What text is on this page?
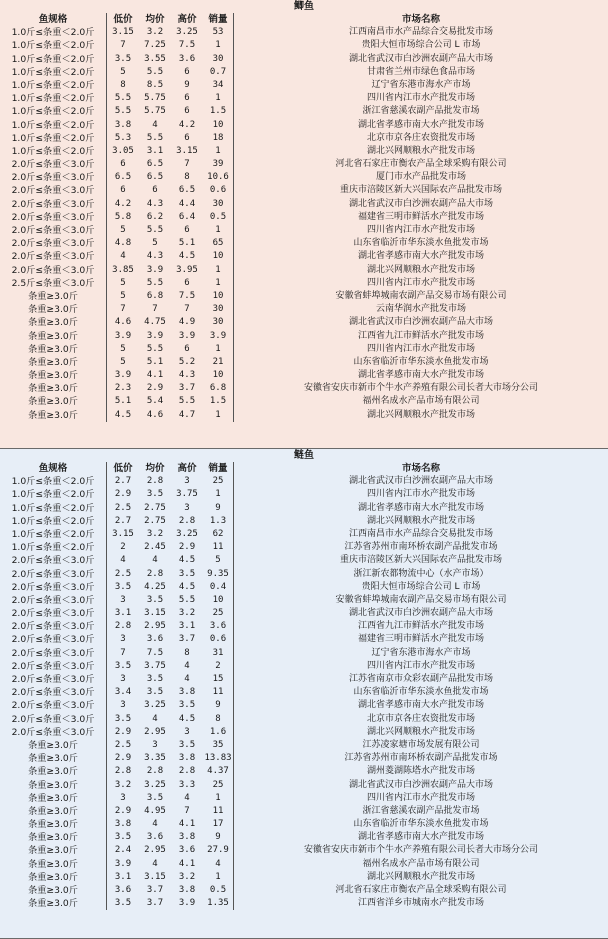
鲫鱼
鱼规格	低价	均价	高价	销量	市场名称
1.0斤≤条重＜2.0斤	3.15	3.2	3.25	53	江西南昌市水产品综合交易批发市场
1.0斤≤条重＜2.0斤	7	7.25	7.5	1	贵阳大恒市场综合公司 L 市场
1.0斤≤条重＜2.0斤	3.5	3.55	3.6	30	湖北省武汉市白沙洲农副产品大市场
1.0斤≤条重＜2.0斤	5	5.5	6	0.7	甘肃省兰州市绿色食品市场
1.0斤≤条重＜2.0斤	8	8.5	9	34	辽宁省东港市海水产市场
1.0斤≤条重＜2.0斤	5.5	5.75	6	1	四川省内江市水产批发市场
1.0斤≤条重＜2.0斤	5.5	5.75	6	1.5	浙江省慈溪农副产品批发市场
1.0斤≤条重＜2.0斤	3.8	4	4.2	10	湖北省孝感市南大水产批发市场
1.0斤≤条重＜2.0斤	5.3	5.5	6	18	北京市京各庄农资批发市场
1.0斤≤条重＜2.0斤	3.05	3.1	3.15	1	湖北兴网顺粮水产批发市场
2.0斤≤条重＜3.0斤	6	6.5	7	39	河北省石家庄市衡农产品全球采购有限公司
2.0斤≤条重＜3.0斤	6.5	6.5	8	10.6	厦门市水产品批发市场
2.0斤≤条重＜3.0斤	6	6	6.5	0.6	重庆市涪陵区新大兴国际农产品批发市场
2.0斤≤条重＜3.0斤	4.2	4.3	4.4	30	湖北省武汉市白沙洲农副产品大市场
2.0斤≤条重＜3.0斤	5.8	6.2	6.4	0.5	福建省三明市鲜活水产批发市场
2.0斤≤条重＜3.0斤	5	5.5	6	1	四川省内江市水产批发市场
2.0斤≤条重＜3.0斤	4.8	5	5.1	65	山东省临沂市华东淡水鱼批发市场
2.0斤≤条重＜3.0斤	4	4.3	4.5	10	湖北省孝感市南大水产批发市场
2.0斤≤条重＜3.0斤	3.85	3.9	3.95	1	湖北兴网顺粮水产批发市场
2.5斤≤条重＜3.0斤	5	5.5	6	1	四川省内江市水产批发市场
条重≥3.0斤	5	6.8	7.5	10	安徽省蚌埠城南农副产品交易市场有限公司
条重≥3.0斤	7	7	7	30	云南华润水产批发市场
条重≥3.0斤	4.6	4.75	4.9	30	湖北省武汉市白沙洲农副产品大市场
条重≥3.0斤	3.9	3.9	3.9	3.9	江西省九江市鲜活水产批发市场
条重≥3.0斤	5	5.5	6	1	四川省内江市水产批发市场
条重≥3.0斤	5	5.1	5.2	21	山东省临沂市华东淡水鱼批发市场
条重≥3.0斤	3.9	4.1	4.3	10	湖北省孝感市南大水产批发市场
条重≥3.0斤	2.3	2.9	3.7	6.8	安徽省安庆市新市个牛水产养殖有限公司长者大市场分公司
条重≥3.0斤	5.1	5.4	5.5	1.5	福州名成水产品市场有限公司
条重≥3.0斤	4.5	4.6	4.7	1	湖北兴网顺粮水产批发市场
鲢鱼
鱼规格	低价	均价	高价	销量	市场名称
1.0斤≤条重＜2.0斤	2.7	2.8	3	25	湖北省武汉市白沙洲农副产品大市场
1.0斤≤条重＜2.0斤	2.9	3.5	3.75	1	四川省内江市水产批发市场
1.0斤≤条重＜2.0斤	2.5	2.75	3	9	湖北省孝感市南大水产批发市场
1.0斤≤条重＜2.0斤	2.7	2.75	2.8	1.3	湖北兴网顺粮水产批发市场
1.0斤≤条重＜2.0斤	3.15	3.2	3.25	62	江西南昌市水产品综合交易批发市场
1.0斤≤条重＜2.0斤	2	2.45	2.9	11	江苏省苏州市南环桥农副产品批发市场
2.0斤≤条重＜3.0斤	4	4	4.5	5	重庆市涪陵区新大兴国际农产品批发市场
2.0斤≤条重＜3.0斤	2.5	2.8	3.5	9.35	浙江新农都物流中心（水产市场）
2.0斤≤条重＜3.0斤	3.5	4.25	4.5	0.4	贵阳大恒市场综合公司 L 市场
2.0斤≤条重＜3.0斤	3	3.5	5.5	10	安徽省蚌埠城南农副产品交易市场有限公司
2.0斤≤条重＜3.0斤	3.1	3.15	3.2	25	湖北省武汉市白沙洲农副产品大市场
2.0斤≤条重＜3.0斤	2.8	2.95	3.1	3.6	江西省九江市鲜活水产批发市场
2.0斤≤条重＜3.0斤	3	3.6	3.7	0.6	福建省三明市鲜活水产批发市场
2.0斤≤条重＜3.0斤	7	7.5	8	31	辽宁省东港市海水产市场
2.0斤≤条重＜3.0斤	3.5	3.75	4	2	四川省内江市水产批发市场
2.0斤≤条重＜3.0斤	3	3.5	4	15	江苏省南京市众彩农副产品批发市场
2.0斤≤条重＜3.0斤	3.4	3.5	3.8	11	山东省临沂市华东淡水鱼批发市场
2.0斤≤条重＜3.0斤	3	3.25	3.5	9	湖北省孝感市南大水产批发市场
2.0斤≤条重＜3.0斤	3.5	4	4.5	8	北京市京各庄农资批发市场
2.0斤≤条重＜3.0斤	2.9	2.95	3	1.6	湖北兴网顺粮水产批发市场
条重≥3.0斤	2.5	3	3.5	35	江苏凌家塘市场发展有限公司
条重≥3.0斤	2.9	3.35	3.8	13.83	江苏省苏州市南环桥农副产品批发市场
条重≥3.0斤	2.8	2.8	2.8	4.37	湖州菱湖陈塔水产批发市场
条重≥3.0斤	3.2	3.25	3.3	25	湖北省武汉市白沙洲农副产品大市场
条重≥3.0斤	3	3.5	4	1	四川省内江市水产批发市场
条重≥3.0斤	2.9	4.95	7	11	浙江省慈溪农副产品批发市场
条重≥3.0斤	3.8	4	4.1	17	山东省临沂市华东淡水鱼批发市场
条重≥3.0斤	3.5	3.6	3.8	9	湖北省孝感市南大水产批发市场
条重≥3.0斤	2.4	2.95	3.6	27.9	安徽省安庆市新市个牛水产养殖有限公司长者大市场分公司
条重≥3.0斤	3.9	4	4.1	4	福州名成水产品市场有限公司
条重≥3.0斤	3.1	3.15	3.2	1	湖北兴网顺粮水产批发市场
条重≥3.0斤	3.6	3.7	3.8	0.5	河北省石家庄市衡农产品全球采购有限公司
条重≥3.0斤	3.5	3.7	3.9	1.35	江西省洋乡市城南水产批发市场
